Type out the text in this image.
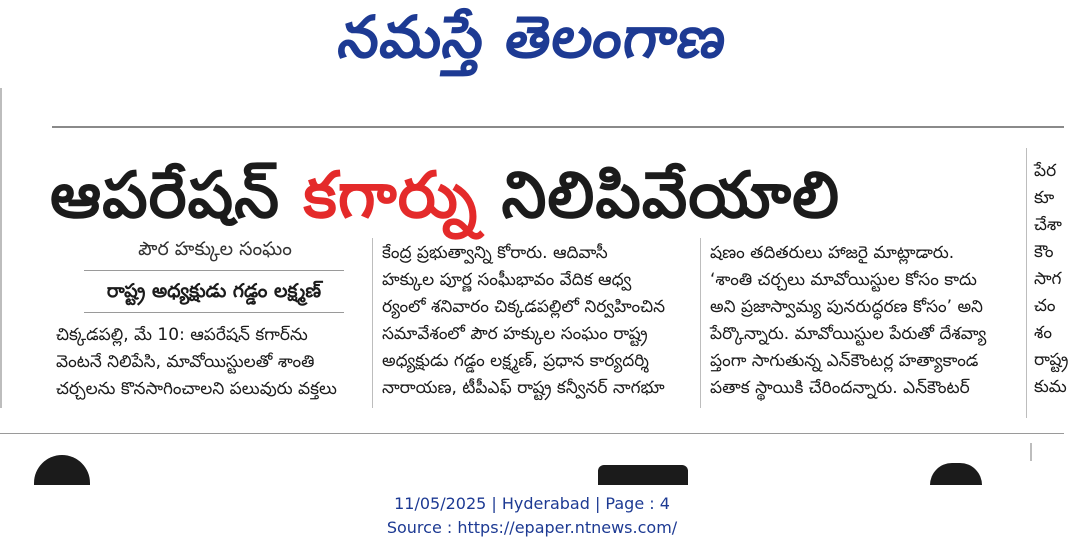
నమస్తే తెలంగాణ
ఆపరేషన్ కగార్ను నిలిపివేయాలి
పౌర హక్కుల సంఘం
రాష్ట్ర అధ్యక్షుడు గడ్డం లక్ష్మణ్
చిక్కడపల్లి, మే 10: ఆపరేషన్ కగార్‌ను
వెంటనే నిలిపేసి, మావోయిస్టులతో శాంతి
చర్చలను కొనసాగించాలని పలువురు వక్తలు
కేంద్ర ప్రభుత్వాన్ని కోరారు. ఆదివాసీ
హక్కుల పూర్ణ సంఘీభావం వేదిక ఆధ్వ
ర్యంలో శనివారం చిక్కడపల్లిలో నిర్వహించిన
సమావేశంలో పౌర హక్కుల సంఘం రాష్ట్ర
అధ్యక్షుడు గడ్డం లక్ష్మణ్, ప్రధాన కార్యదర్శి
నారాయణ, టీపీఎఫ్ రాష్ట్ర కన్వీనర్ నాగభూ
షణం తదితరులు హాజరై మాట్లాడారు.
‘శాంతి చర్చలు మావోయిస్టుల కోసం కాదు
అని ప్రజాస్వామ్య పునరుద్ధరణ కోసం’ అని
పేర్కొన్నారు. మావోయిస్టుల పేరుతో దేశవ్యా
ప్తంగా సాగుతున్న ఎన్‌కౌంటర్ల హత్యాకాండ
పతాక స్థాయికి చేరిందన్నారు. ఎన్‌కౌంటర్
పేర
కూ
చేశా
కౌం
సాగ
చం
శం
రాష్ట్ర
కుమ
11/05/2025 | Hyderabad | Page : 4
Source : https://epaper.ntnews.com/
